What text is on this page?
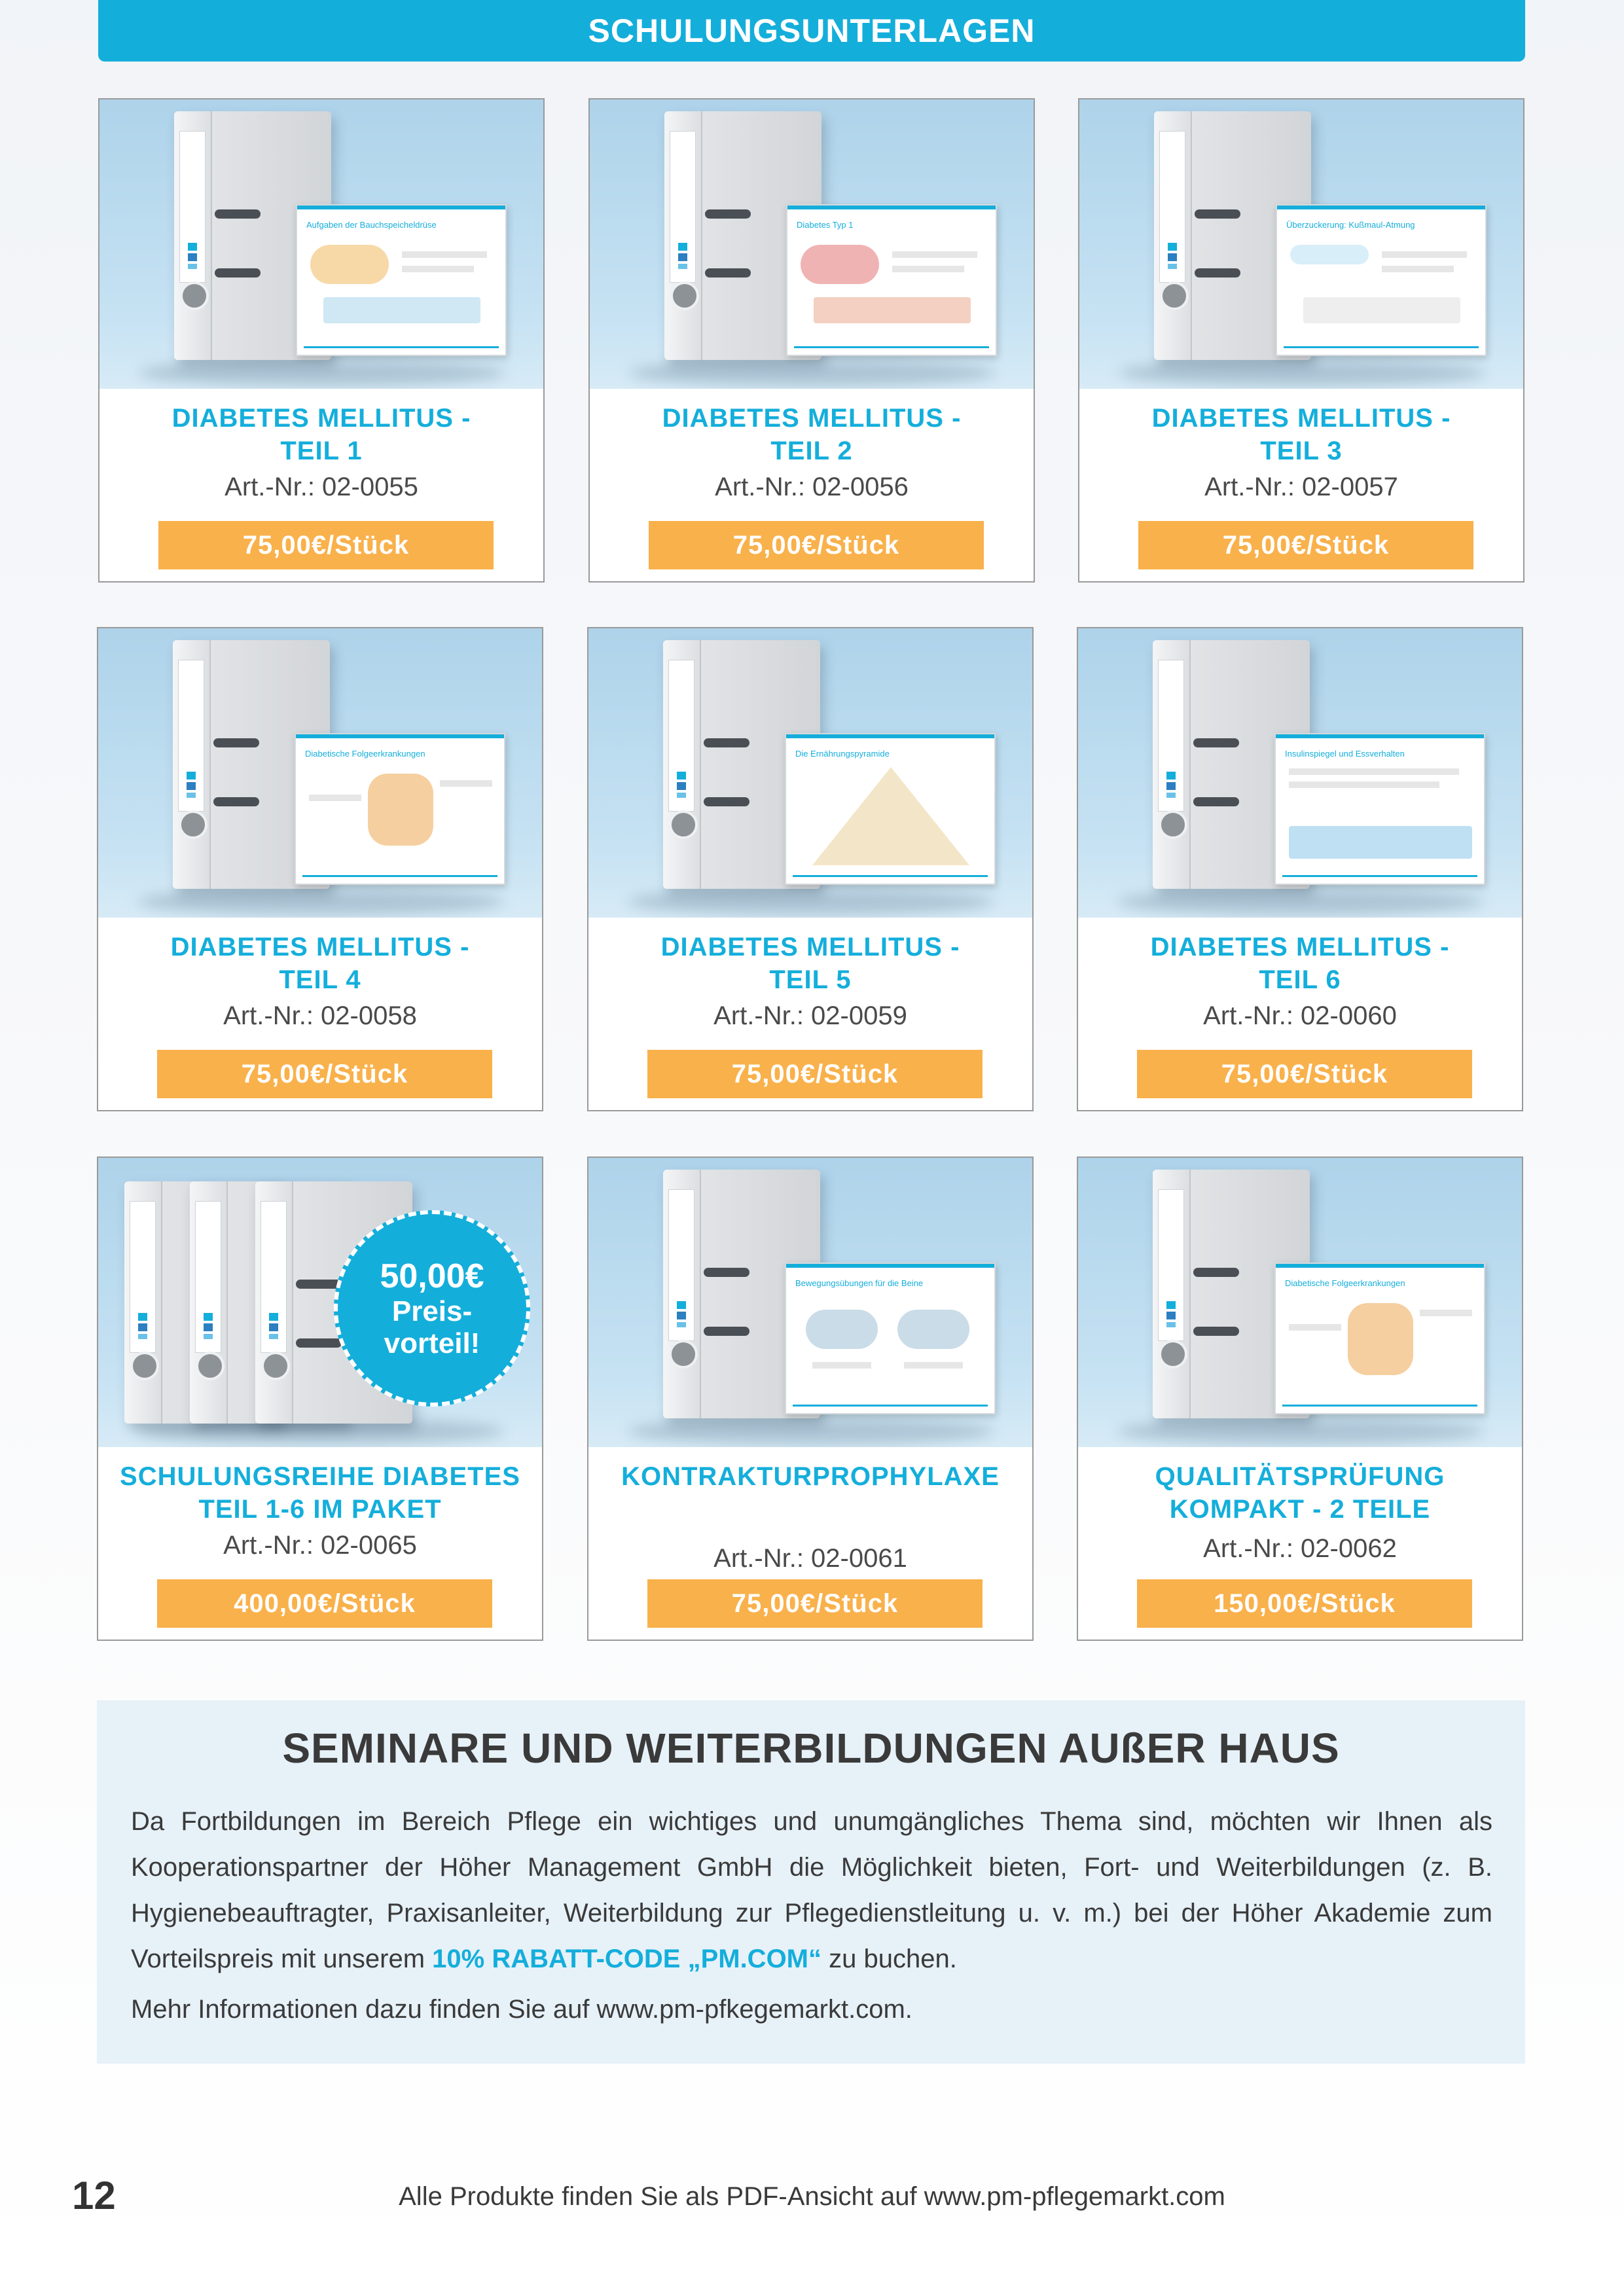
SCHULUNGSUNTERLAGEN
Aufgaben der Bauchspeicheldrüse
DIABETES MELLITUS -
TEIL 1
Art.-Nr.: 02-0055
75,00€/Stück
Diabetes Typ 1
DIABETES MELLITUS -
TEIL 2
Art.-Nr.: 02-0056
75,00€/Stück
Überzuckerung: Kußmaul-Atmung
DIABETES MELLITUS -
TEIL 3
Art.-Nr.: 02-0057
75,00€/Stück
Diabetische Folgeerkrankungen
DIABETES MELLITUS -
TEIL 4
Art.-Nr.: 02-0058
75,00€/Stück
Die Ernährungspyramide
DIABETES MELLITUS -
TEIL 5
Art.-Nr.: 02-0059
75,00€/Stück
Insulinspiegel und Essverhalten
DIABETES MELLITUS -
TEIL 6
Art.-Nr.: 02-0060
75,00€/Stück
50,00€
Preis-
vorteil!
SCHULUNGSREIHE DIABETES
TEIL 1-6 IM PAKET
Art.-Nr.: 02-0065
400,00€/Stück
Bewegungsübungen für die Beine
KONTRAKTURPROPHYLAXE
Art.-Nr.: 02-0061
75,00€/Stück
Diabetische Folgeerkrankungen
QUALITÄTSPRÜFUNG
KOMPAKT - 2 TEILE
Art.-Nr.: 02-0062
150,00€/Stück
SEMINARE UND WEITERBILDUNGEN AUßER HAUS
Da Fortbildungen im Bereich Pflege ein wichtiges und unumgängliches Thema sind, möchten wir Ihnen als Kooperationspartner der Höher Management GmbH die Möglichkeit bieten, Fort- und Weiterbildungen (z. B. Hygienebeauftragter, Praxisanleiter, Weiterbildung zur Pflegedienstleitung u. v. m.) bei der Höher Akademie zum Vorteilspreis mit unserem 10% RABATT-CODE „PM.COM“ zu buchen.
Mehr Informationen dazu finden Sie auf www.pm-pfkegemarkt.com.
12	Alle Produkte finden Sie als PDF-Ansicht auf www.pm-pflegemarkt.com
